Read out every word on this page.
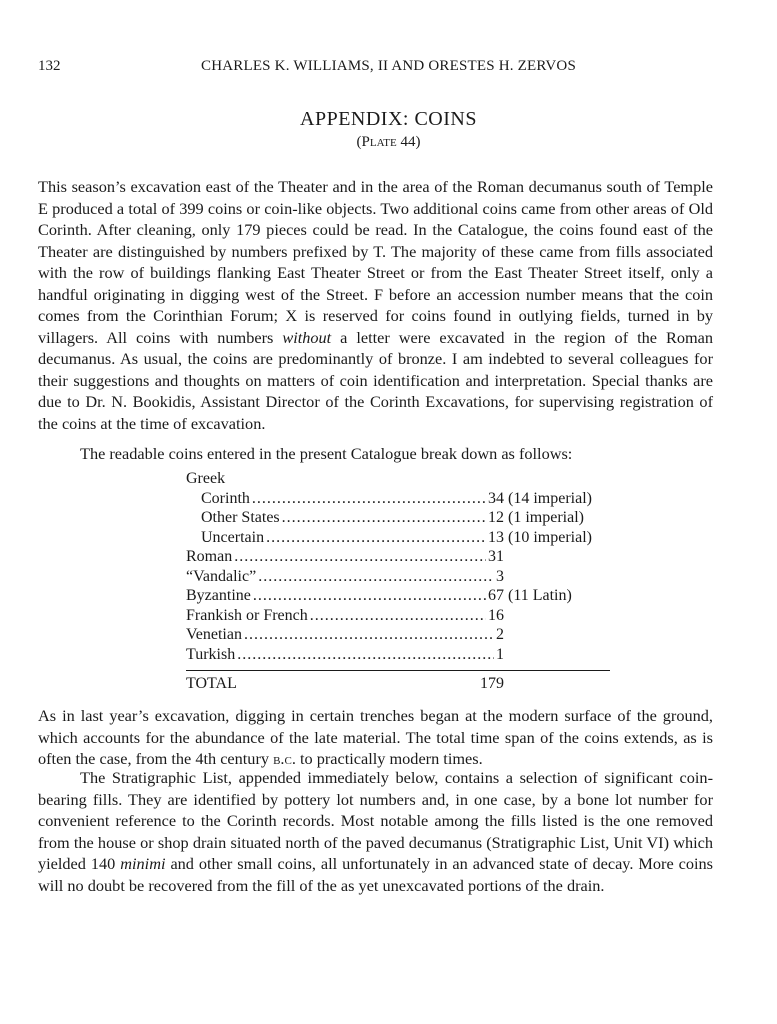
132	CHARLES K. WILLIAMS, II AND ORESTES H. ZERVOS
APPENDIX: COINS
(Plate 44)

This season’s excavation east of the Theater and in the area of the Roman decumanus south of Temple E produced a total of 399 coins or coin-like objects. Two additional coins came from other areas of Old Corinth. After cleaning, only 179 pieces could be read. In the Catalogue, the coins found east of the Theater are distinguished by numbers prefixed by T. The majority of these came from fills associated with the row of buildings flanking East Theater Street or from the East Theater Street itself, only a handful originating in digging west of the Street. F before an accession number means that the coin comes from the Corinthian Forum; X is reserved for coins found in outlying fields, turned in by villagers. All coins with numbers without a letter were excavated in the region of the Roman decumanus. As usual, the coins are predominantly of bronze. I am indebted to several colleagues for their suggestions and thoughts on matters of coin identification and interpretation. Special thanks are due to Dr. N. Bookidis, Assistant Director of the Corinth Excavations, for supervising registration of the coins at the time of excavation.

The readable coins entered in the present Catalogue break down as follows:

Greek
Corinth . . .	34 (14 imperial)
Other States . . .	12 (1 imperial)
Uncertain . . .	13 (10 imperial)
Roman . . .	31
“Vandalic” . . .	3
Byzantine . . .	67 (11 Latin)
Frankish or French . . .	16
Venetian . . .	2
Turkish . . .	1
TOTAL	179

As in last year’s excavation, digging in certain trenches began at the modern surface of the ground, which accounts for the abundance of the late material. The total time span of the coins extends, as is often the case, from the 4th century b.c. to practically modern times.

The Stratigraphic List, appended immediately below, contains a selection of significant coin-bearing fills. They are identified by pottery lot numbers and, in one case, by a bone lot number for convenient reference to the Corinth records. Most notable among the fills listed is the one removed from the house or shop drain situated north of the paved decumanus (Stratigraphic List, Unit VI) which yielded 140 minimi and other small coins, all unfortunately in an advanced state of decay. More coins will no doubt be recovered from the fill of the as yet unexcavated portions of the drain.
